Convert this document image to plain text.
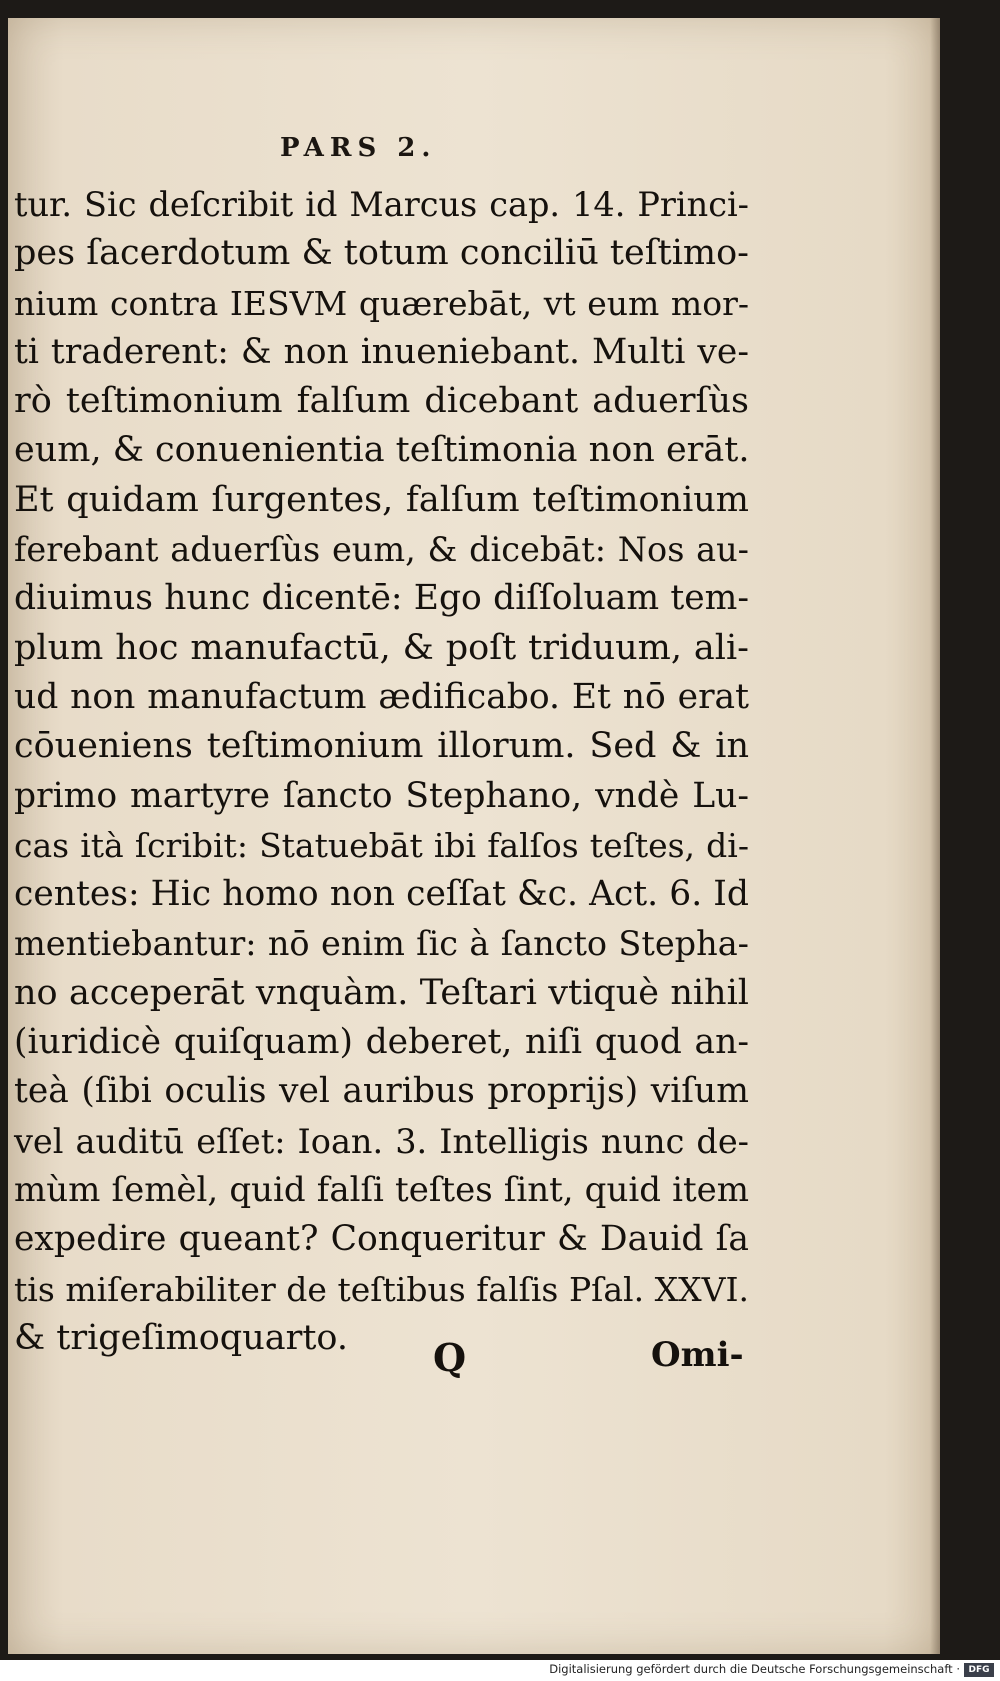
PARS 2.
tur. Sic deſcribit id Marcus cap. 14. Princi-
pes ſacerdotum & totum conciliū teſtimo-
nium contra IESVM quærebāt, vt eum mor-
ti traderent: & non inueniebant. Multi ve-
rò teſtimonium falſum dicebant aduerſùs
eum, & conuenientia teſtimonia non erāt.
Et quidam ſurgentes, falſum teſtimonium
ferebant aduerſùs eum, & dicebāt: Nos au-
diuimus hunc dicentē: Ego diſſoluam tem-
plum hoc manufactū, & poſt triduum, ali-
ud non manufactum ædificabo. Et nō erat
cōueniens teſtimonium illorum. Sed & in
primo martyre ſancto Stephano, vndè Lu-
cas ità ſcribit: Statuebāt ibi falſos teſtes, di-
centes: Hic homo non ceſſat &c. Act. 6. Id
mentiebantur: nō enim ſic à ſancto Stepha-
no acceperāt vnquàm. Teſtari vtiquè nihil
(iuridicè quiſquam) deberet, niſi quod an-
teà (ſibi oculis vel auribus proprijs) viſum
vel auditū eſſet: Ioan. 3. Intelligis nunc de-
mùm ſemèl, quid falſi teſtes ſint, quid item
expedire queant? Conqueritur & Dauid ſa
tis miſerabiliter de teſtibus falſis Pſal. XXVI.
& trigeſimoquarto.	Q	Omi-
Digitalisierung gefördert durch die Deutsche Forschungsgemeinschaft · DFG
